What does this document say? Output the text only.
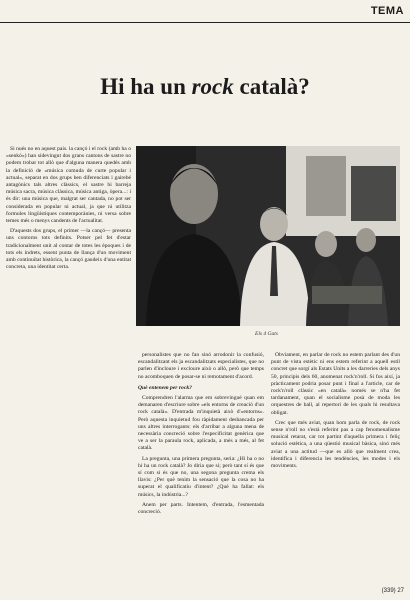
TEMA
Hi ha un rock català?
Els 4 Gats

Si nués no en aquest país. la cançó i el rock (amb ha o «senkó») han sidevingut dos grans cantons de sastre no podem trobar tot allò que d'alguna manera quedés amb la definició de «música comuda de curte popular i actual», separat en dos grups ben diferenciats i gairebé antagònics tals altres clàssics, el sastre hi barreja música sacra, música clàssica, música antiga, òpera...: i és dir: una música que, malgrat ser cantada, no pot ser considerada en popular ni actual, ja que ni utilitza formules lingüístiques contemporànies, ni versa sobre temes més o menys candents de l'actualitat.

D'aquests dos grups, el primer —la cançó— presenta uns contorns tots definits. Potser pel fet d'estar tradicionalment unit al contar de totes les èpoques i de tots els indrets, essent punta de llança d'un moviment amb continuïtat històrica, la cançó gaudeix d'una entitat concreta, una identitat certa.

personalistes que no fan sinó arrodonir la confusió, escandalitzant els ja escandalitzats especialistes, que no parlen d'incloure i excloure això o allò, però que temps no acomboquen de posar-se ni remotament d'acord.

Què entenem per rock?

Comprendren l'alarma que em sobrevingué quan em demanaren d'escriure sobre «els entorns de creació d'un rock català». D'entrada m'inquietà això d'«entorns». Però aquesta inquietud fou ràpidament desbancada per uns altres interrogants: els d'arribar a alguna mena de necessària concreció sobre l'especificitat genèrica que ve a ser la paraula rock, aplicada, a més a més, al fet català.

La pregunta, una primera pregunta, seria: ¿Hi ha o no hi ha un rock català? Jo diria que sí; però tant sí és que sí com si és que no, una segona pregunta crema els llavis: ¿Per què tenim la sensació que la cosa no ha superat el qualificatiu d'intent? ¿Què ha fallat: els músics, la indústria...?

Anem per parts. Intentem, d'entrada, l'esmentada concreció.

Òbviament, en parlar de rock no estem parlant des d'un punt de vista estètic ni ens estem referint a aquell estil concret que sorgí als Estats Units a les darreries dels anys 50, principis dels 60, anomenat rock'n'roll. Si fos així, ja pràcticament podria posar punt i final a l'article, car de rock'n'roll clàssic «en català» només se n'ha fet tardanament, quan el socialisme posà de moda les orquestres de ball, al repertori de les quals hi resultava obligat.

Crec que més aviat, quan hom parla de rock, de rock sense n'roll no s'està referint pas a cap fenomenalisme musical retarat, car tot partint d'aquella primera i feliç solució estètica, a una qüestió musical bàsica, sinó més aviat a una actitud —que es allò que realment crea, identifica i diferencia les tendències, les modes i els moviments.

(339) 27
